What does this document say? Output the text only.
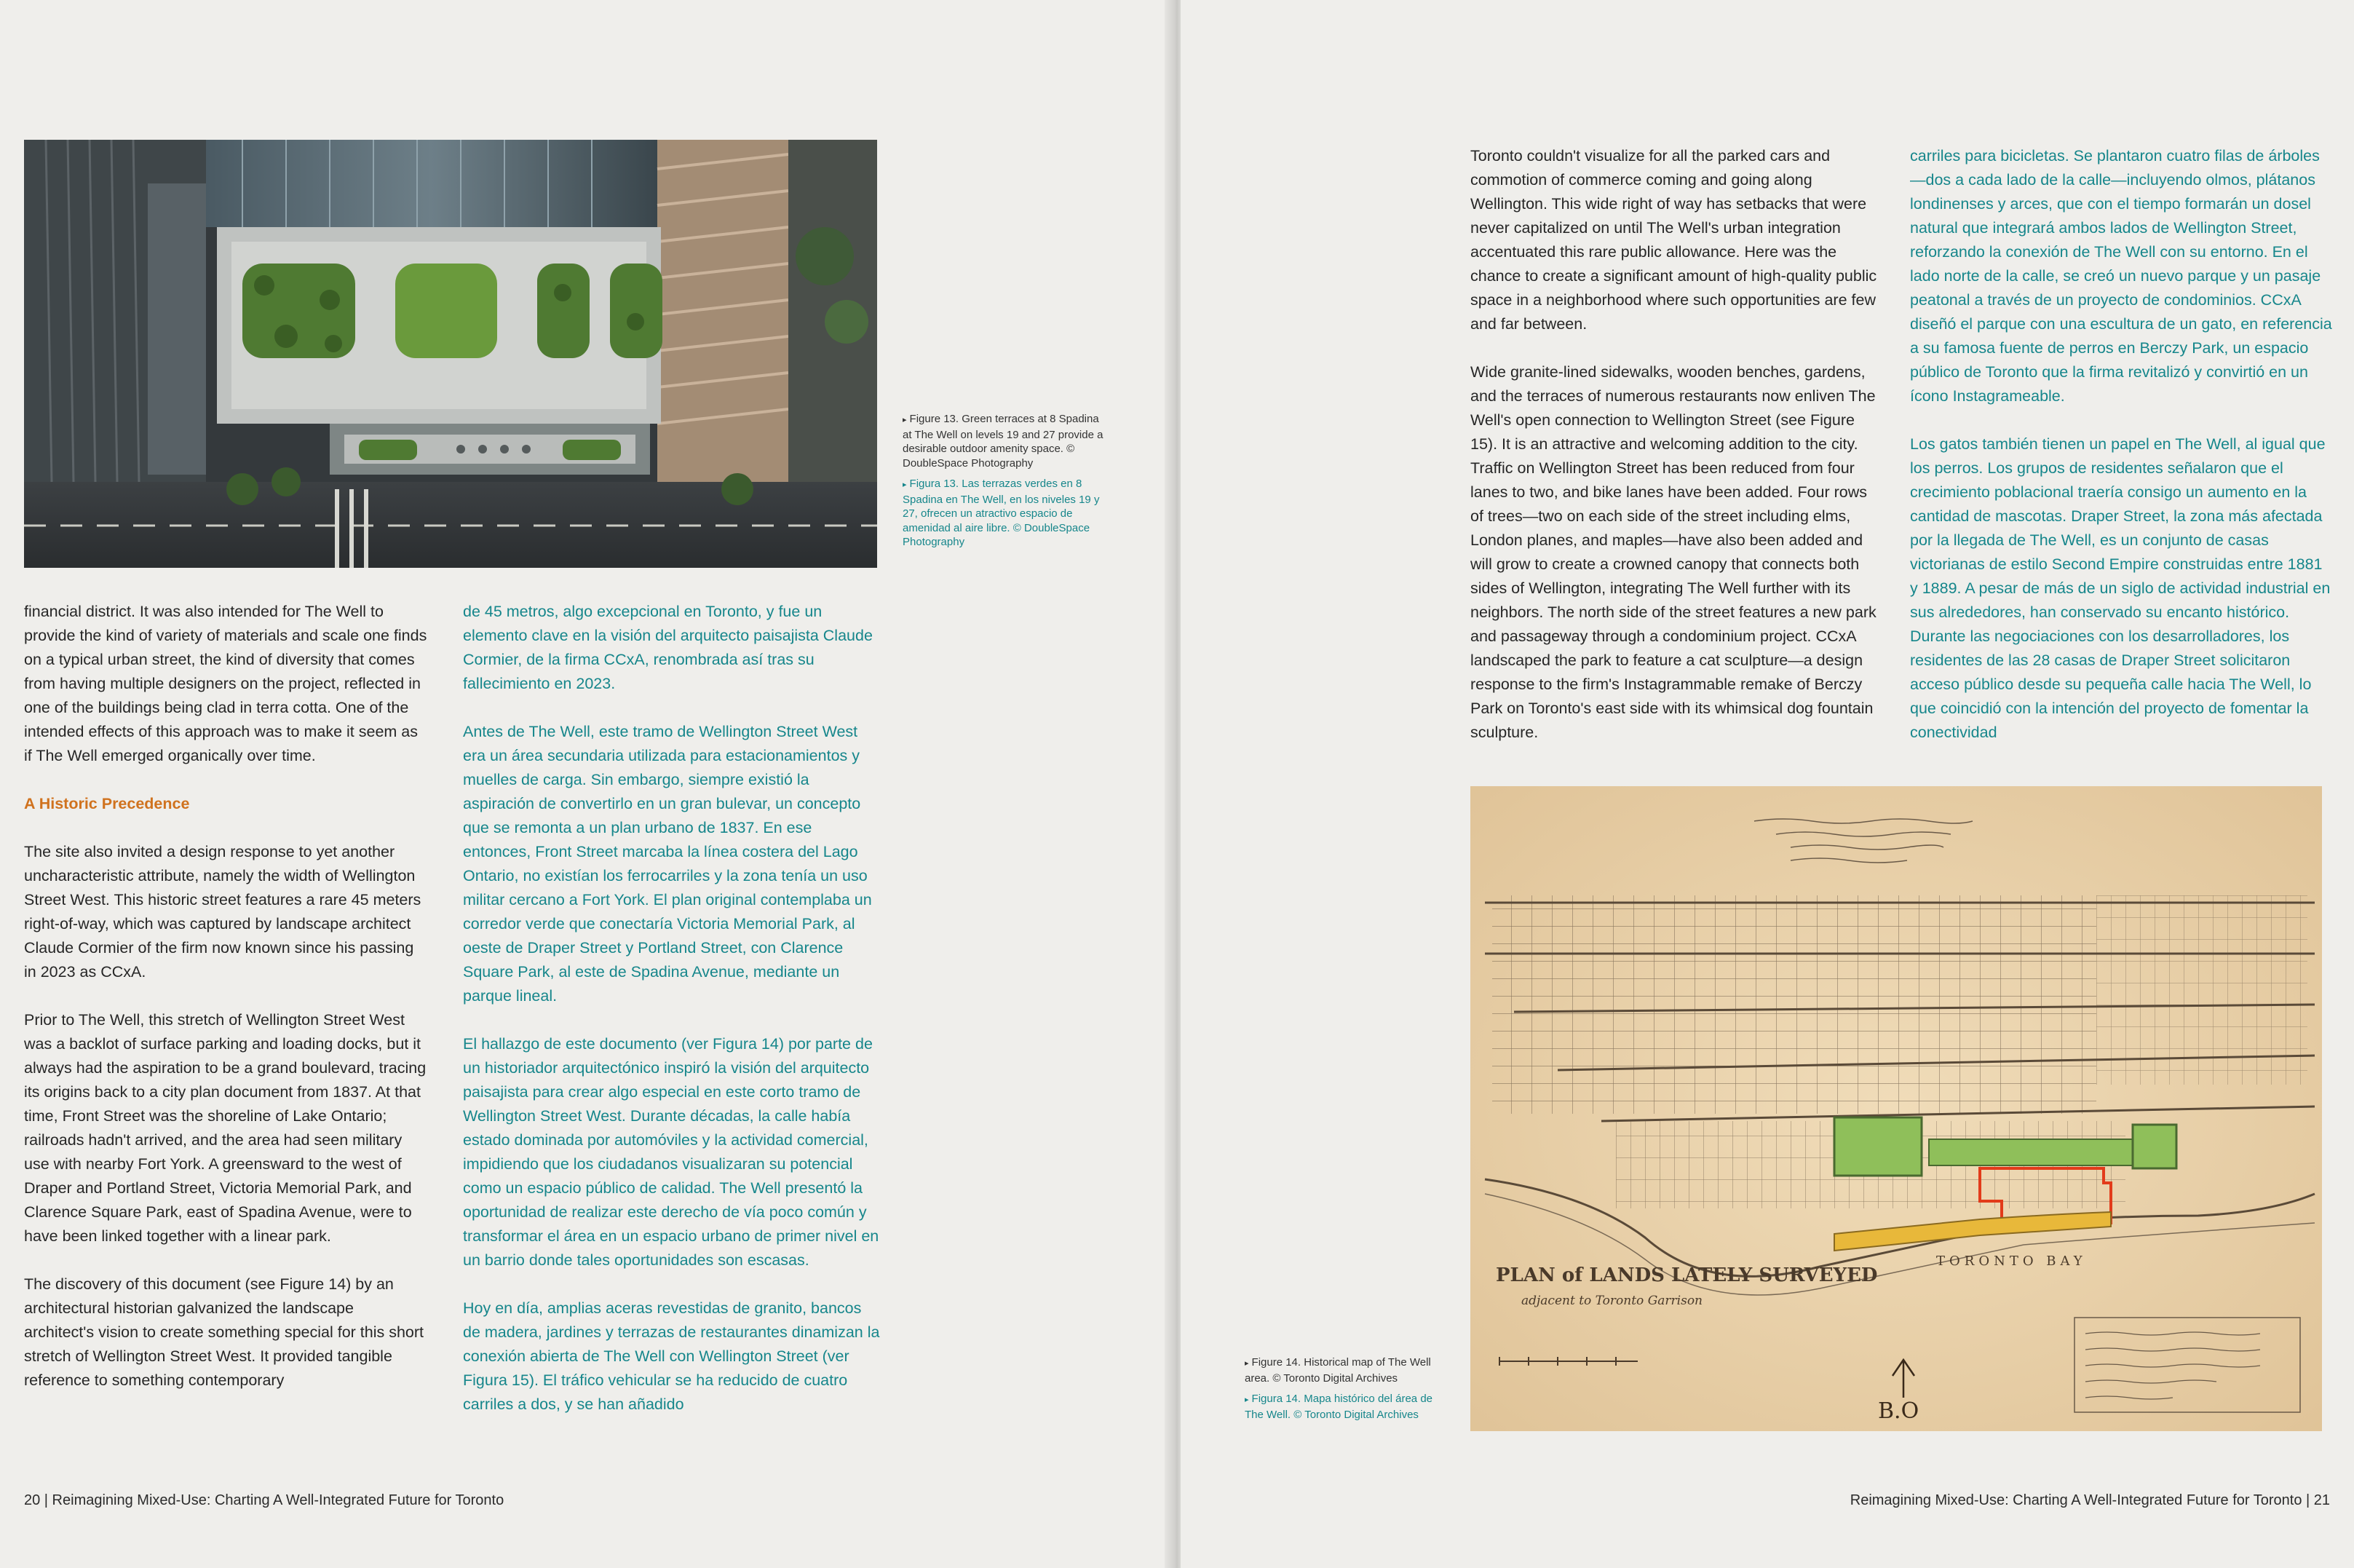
▸ Figure 13. Green terraces at 8 Spadina at The Well on levels 19 and 27 provide a desirable outdoor amenity space. © DoubleSpace Photography

▸ Figura 13. Las terrazas verdes en 8 Spadina en The Well, en los niveles 19 y 27, ofrecen un atractivo espacio de amenidad al aire libre. © DoubleSpace Photography

financial district. It was also intended for The Well to provide the kind of variety of materials and scale one finds on a typical urban street, the kind of diversity that comes from having multiple designers on the project, reflected in one of the buildings being clad in terra cotta. One of the intended effects of this approach was to make it seem as if The Well emerged organically over time.

A Historic Precedence

The site also invited a design response to yet another uncharacteristic attribute, namely the width of Wellington Street West. This historic street features a rare 45 meters right-of-way, which was captured by landscape architect Claude Cormier of the firm now known since his passing in 2023 as CCxA.

Prior to The Well, this stretch of Wellington Street West was a backlot of surface parking and loading docks, but it always had the aspiration to be a grand boulevard, tracing its origins back to a city plan document from 1837. At that time, Front Street was the shoreline of Lake Ontario; railroads hadn't arrived, and the area had seen military use with nearby Fort York. A greensward to the west of Draper and Portland Street, Victoria Memorial Park, and Clarence Square Park, east of Spadina Avenue, were to have been linked together with a linear park.

The discovery of this document (see Figure 14) by an architectural historian galvanized the landscape architect's vision to create something special for this short stretch of Wellington Street West. It provided tangible reference to something contemporary

de 45 metros, algo excepcional en Toronto, y fue un elemento clave en la visión del arquitecto paisajista Claude Cormier, de la firma CCxA, renombrada así tras su fallecimiento en 2023.

Antes de The Well, este tramo de Wellington Street West era un área secundaria utilizada para estacionamientos y muelles de carga. Sin embargo, siempre existió la aspiración de convertirlo en un gran bulevar, un concepto que se remonta a un plan urbano de 1837. En ese entonces, Front Street marcaba la línea costera del Lago Ontario, no existían los ferrocarriles y la zona tenía un uso militar cercano a Fort York. El plan original contemplaba un corredor verde que conectaría Victoria Memorial Park, al oeste de Draper Street y Portland Street, con Clarence Square Park, al este de Spadina Avenue, mediante un parque lineal.

El hallazgo de este documento (ver Figura 14) por parte de un historiador arquitectónico inspiró la visión del arquitecto paisajista para crear algo especial en este corto tramo de Wellington Street West. Durante décadas, la calle había estado dominada por automóviles y la actividad comercial, impidiendo que los ciudadanos visualizaran su potencial como un espacio público de calidad. The Well presentó la oportunidad de realizar este derecho de vía poco común y transformar el área en un espacio urbano de primer nivel en un barrio donde tales oportunidades son escasas.

Hoy en día, amplias aceras revestidas de granito, bancos de madera, jardines y terrazas de restaurantes dinamizan la conexión abierta de The Well con Wellington Street (ver Figura 15). El tráfico vehicular se ha reducido de cuatro carriles a dos, y se han añadido

20 | Reimagining Mixed-Use: Charting A Well-Integrated Future for Toronto

Toronto couldn't visualize for all the parked cars and commotion of commerce coming and going along Wellington. This wide right of way has setbacks that were never capitalized on until The Well's urban integration accentuated this rare public allowance. Here was the chance to create a significant amount of high-quality public space in a neighborhood where such opportunities are few and far between.

Wide granite-lined sidewalks, wooden benches, gardens, and the terraces of numerous restaurants now enliven The Well's open connection to Wellington Street (see Figure 15). It is an attractive and welcoming addition to the city. Traffic on Wellington Street has been reduced from four lanes to two, and bike lanes have been added. Four rows of trees—two on each side of the street including elms, London planes, and maples—have also been added and will grow to create a crowned canopy that connects both sides of Wellington, integrating The Well further with its neighbors. The north side of the street features a new park and passageway through a condominium project. CCxA landscaped the park to feature a cat sculpture—a design response to the firm's Instagrammable remake of Berczy Park on Toronto's east side with its whimsical dog fountain sculpture.

carriles para bicicletas. Se plantaron cuatro filas de árboles—dos a cada lado de la calle—incluyendo olmos, plátanos londinenses y arces, que con el tiempo formarán un dosel natural que integrará ambos lados de Wellington Street, reforzando la conexión de The Well con su entorno. En el lado norte de la calle, se creó un nuevo parque y un pasaje peatonal a través de un proyecto de condominios. CCxA diseñó el parque con una escultura de un gato, en referencia a su famosa fuente de perros en Berczy Park, un espacio público de Toronto que la firma revitalizó y convirtió en un ícono Instagrameable.

Los gatos también tienen un papel en The Well, al igual que los perros. Los grupos de residentes señalaron que el crecimiento poblacional traería consigo un aumento en la cantidad de mascotas. Draper Street, la zona más afectada por la llegada de The Well, es un conjunto de casas victorianas de estilo Second Empire construidas entre 1881 y 1889. A pesar de más de un siglo de actividad industrial en sus alrededores, han conservado su encanto histórico. Durante las negociaciones con los desarrolladores, los residentes de las 28 casas de Draper Street solicitaron acceso público desde su pequeña calle hacia The Well, lo que coincidió con la intención del proyecto de fomentar la conectividad

▸ Figure 14. Historical map of The Well area. © Toronto Digital Archives

▸ Figura 14. Mapa histórico del área de The Well. © Toronto Digital Archives

Reimagining Mixed-Use: Charting A Well-Integrated Future for Toronto | 21
PLAN of LANDS LATELY SURVEYED
adjacent to Toronto Garrison
TORONTO BAY
B.O
